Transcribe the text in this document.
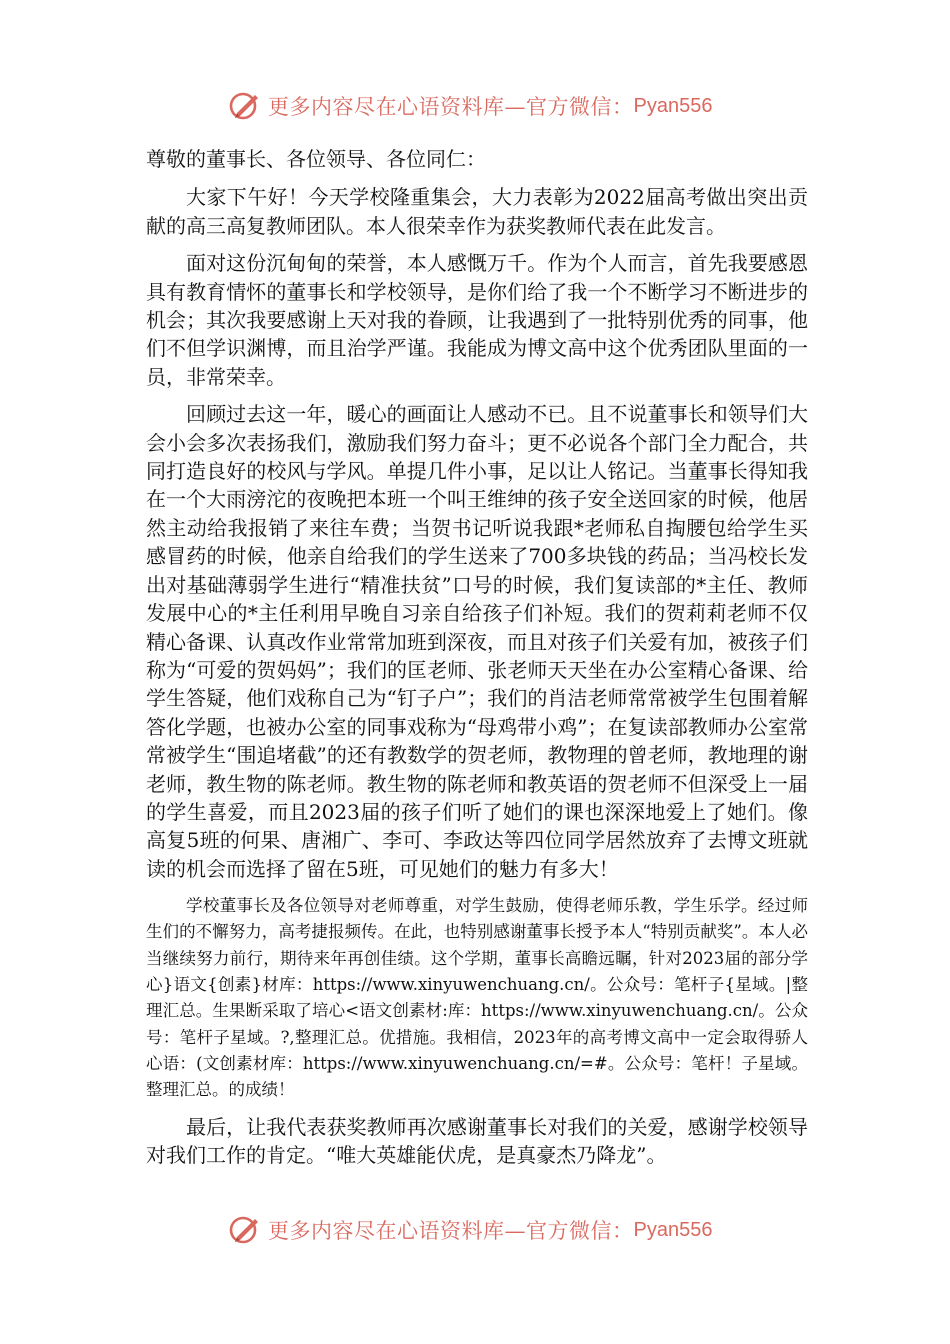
更多内容尽在心语资料库—官方微信： Pyan556

尊敬的董事长、各位领导、各位同仁：

大家下午好！今天学校隆重集会，大力表彰为2022届高考做出突出贡献的高三高复教师团队。本人很荣幸作为获奖教师代表在此发言。

面对这份沉甸甸的荣誉，本人感慨万千。作为个人而言，首先我要感恩具有教育情怀的董事长和学校领导，是你们给了我一个不断学习不断进步的机会；其次我要感谢上天对我的眷顾，让我遇到了一批特别优秀的同事，他们不但学识渊博，而且治学严谨。我能成为博文高中这个优秀团队里面的一员，非常荣幸。

回顾过去这一年，暖心的画面让人感动不已。且不说董事长和领导们大会小会多次表扬我们，激励我们努力奋斗；更不必说各个部门全力配合，共同打造良好的校风与学风。单提几件小事，足以让人铭记。当董事长得知我在一个大雨滂沱的夜晚把本班一个叫王维绅的孩子安全送回家的时候，他居然主动给我报销了来往车费；当贺书记听说我跟*老师私自掏腰包给学生买感冒药的时候，他亲自给我们的学生送来了700多块钱的药品；当冯校长发出对基础薄弱学生进行“精准扶贫”口号的时候，我们复读部的*主任、教师发展中心的*主任利用早晚自习亲自给孩子们补短。我们的贺莉莉老师不仅精心备课、认真改作业常常加班到深夜，而且对孩子们关爱有加，被孩子们称为“可爱的贺妈妈”；我们的匡老师、张老师天天坐在办公室精心备课、给学生答疑，他们戏称自己为“钉子户”；我们的肖洁老师常常被学生包围着解答化学题，也被办公室的同事戏称为“母鸡带小鸡”；在复读部教师办公室常常被学生“围追堵截”的还有教数学的贺老师，教物理的曾老师，教地理的谢老师，教生物的陈老师。教生物的陈老师和教英语的贺老师不但深受上一届的学生喜爱，而且2023届的孩子们听了她们的课也深深地爱上了她们。像高复5班的何果、唐湘广、李可、李政达等四位同学居然放弃了去博文班就读的机会而选择了留在5班，可见她们的魅力有多大！

学校董事长及各位领导对老师尊重，对学生鼓励，使得老师乐教，学生乐学。经过师生们的不懈努力，高考捷报频传。在此，也特别感谢董事长授予本人“特别贡献奖”。本人必当继续努力前行，期待来年再创佳绩。这个学期，董事长高瞻远瞩，针对2023届的部分学心}语文{创素}材库：https://www.xinyuwenchuang.cn/。公众号：笔杆子{星域。|整理汇总。生果断采取了培心<语文创素材:库：https://www.xinyuwenchuang.cn/。公众号：笔杆子星域。?,整理汇总。优措施。我相信，2023年的高考博文高中一定会取得骄人心语：(文创素材库：https://www.xinyuwenchuang.cn/=#。公众号：笔杆！子星域。整理汇总。的成绩！

最后，让我代表获奖教师再次感谢董事长对我们的关爱，感谢学校领导对我们工作的肯定。“唯大英雄能伏虎，是真豪杰乃降龙”。

更多内容尽在心语资料库—官方微信： Pyan556
